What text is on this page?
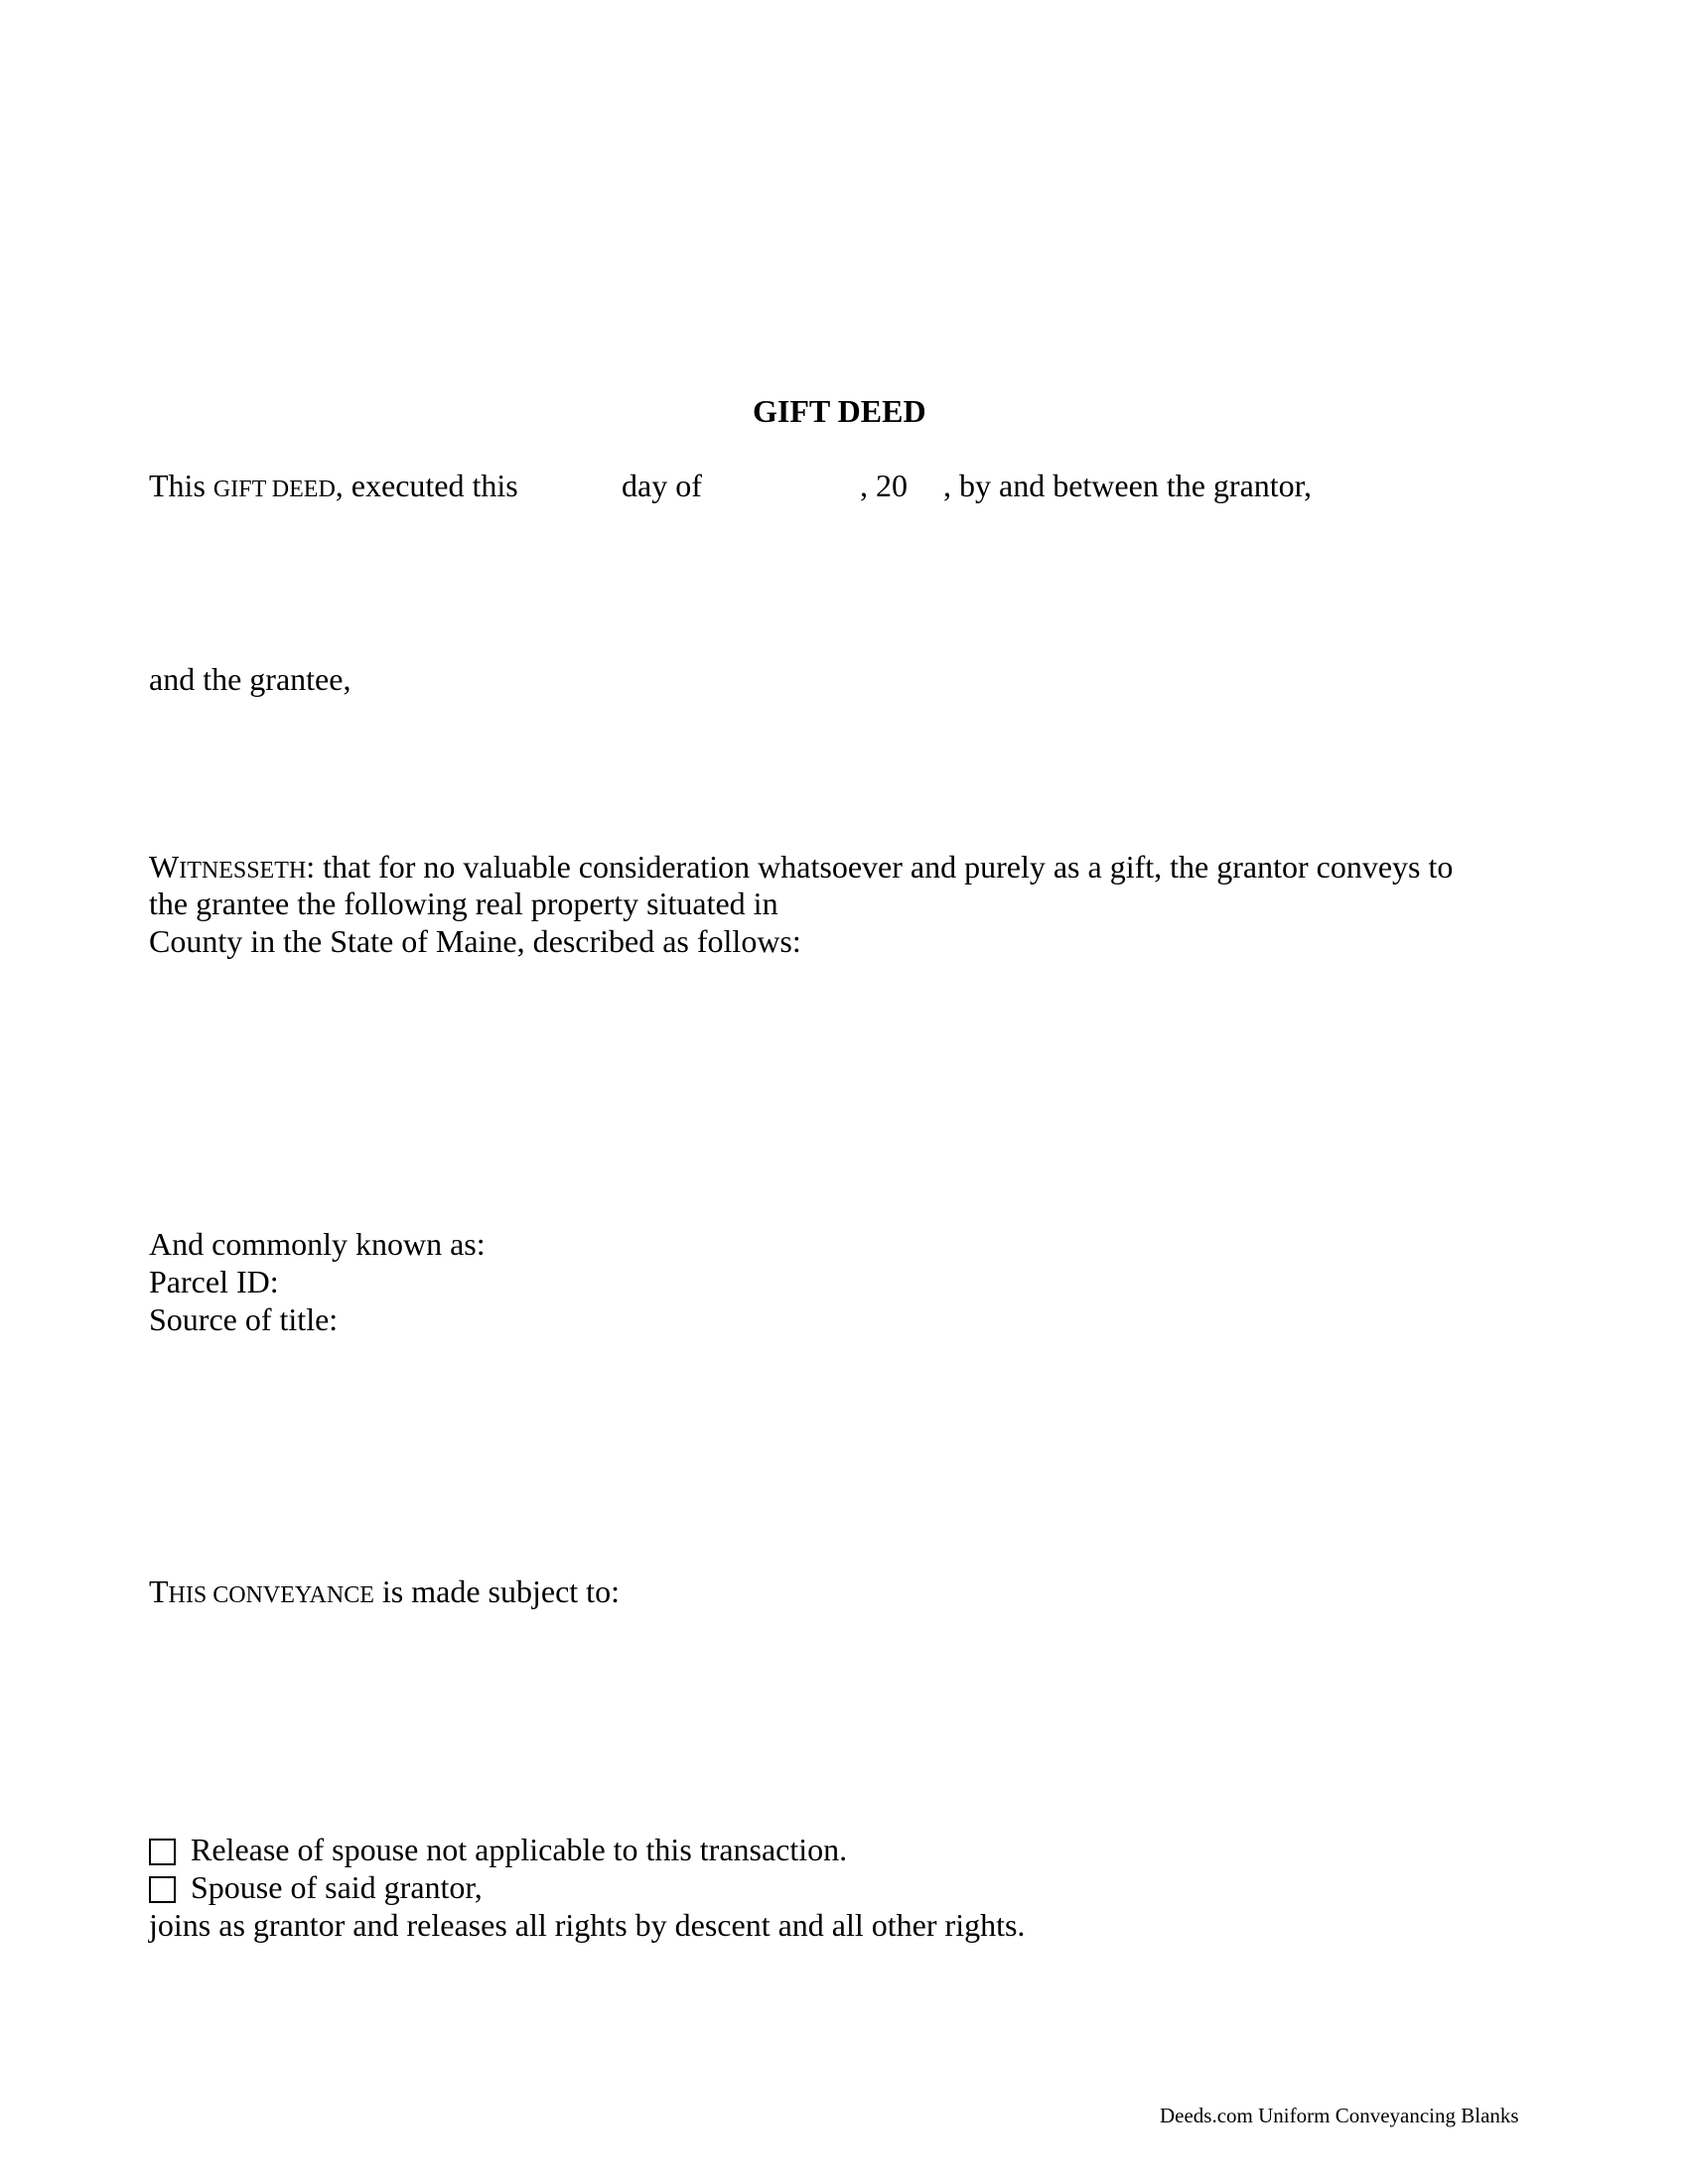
GIFT DEED
This GIFT DEED, executed this	day of	, 20 , by and between the grantor,
and the grantee,
WITNESSETH: that for no valuable consideration whatsoever and purely as a gift, the grantor conveys to
the grantee the following real property situated in
County in the State of Maine, described as follows:
And commonly known as:
Parcel ID:
Source of title:
THIS CONVEYANCE is made subject to:
Release of spouse not applicable to this transaction.
Spouse of said grantor,
joins as grantor and releases all rights by descent and all other rights.
Deeds.com Uniform Conveyancing Blanks
